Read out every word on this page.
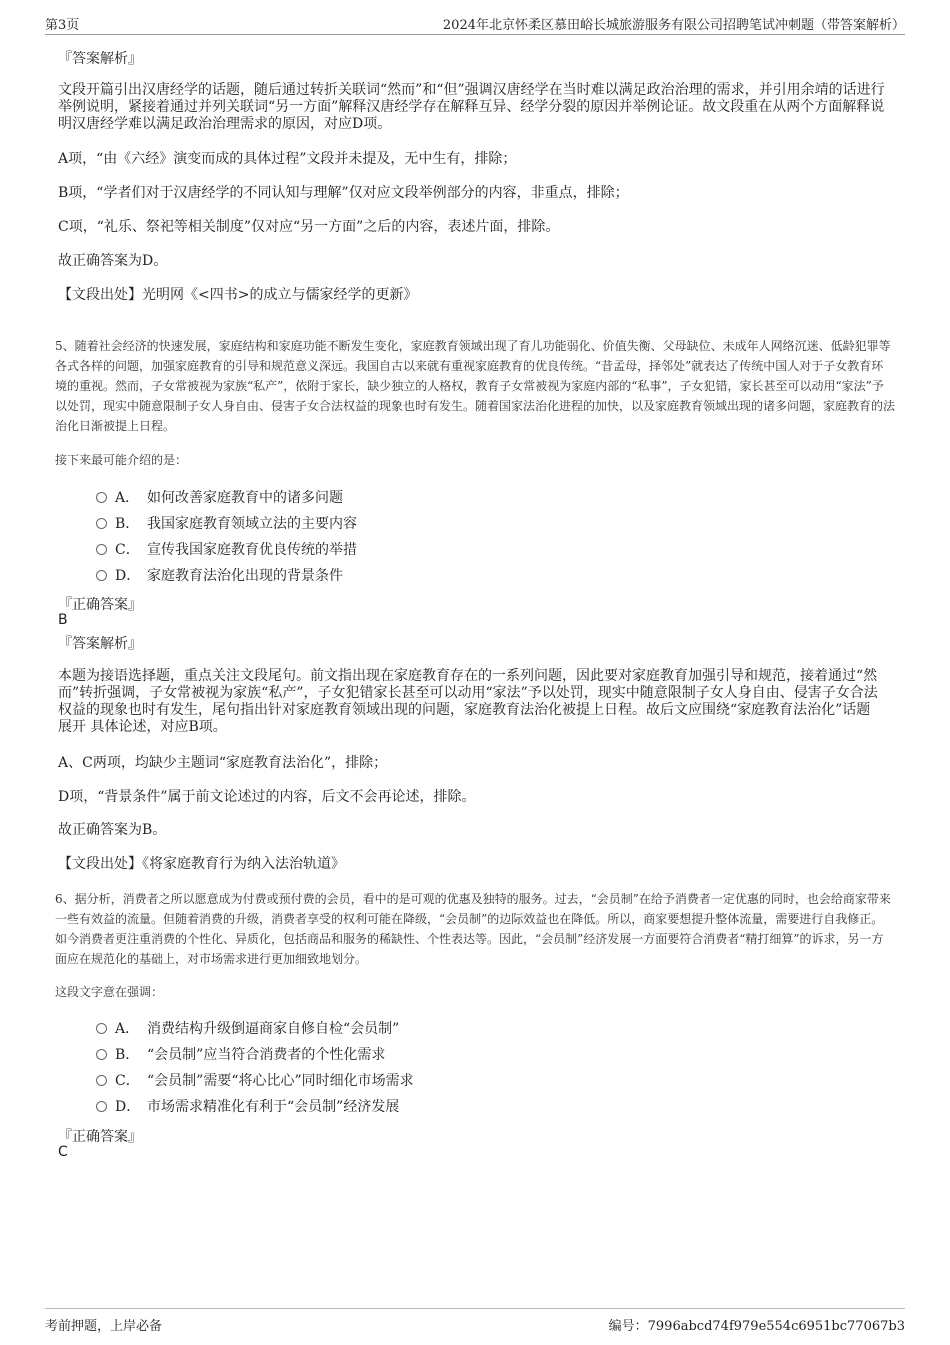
第3页	2024年北京怀柔区慕田峪长城旅游服务有限公司招聘笔试冲刺题（带答案解析）
『答案解析』
文段开篇引出汉唐经学的话题，随后通过转折关联词“然而”和“但”强调汉唐经学在当时难以满足政治治理的需求，并引用余靖的话进行举例说明，紧接着通过并列关联词“另一方面”解释汉唐经学存在解释互异、经学分裂的原因并举例论证。故文段重在从两个方面解释说明汉唐经学难以满足政治治理需求的原因，对应D项。
A项，“由《六经》演变而成的具体过程”文段并未提及，无中生有，排除；
B项，“学者们对于汉唐经学的不同认知与理解”仅对应文段举例部分的内容，非重点，排除；
C项，“礼乐、祭祀等相关制度”仅对应“另一方面”之后的内容，表述片面，排除。
故正确答案为D。
【文段出处】光明网《<四书>的成立与儒家经学的更新》
5、随着社会经济的快速发展，家庭结构和家庭功能不断发生变化，家庭教育领域出现了育儿功能弱化、价值失衡、父母缺位、未成年人网络沉迷、低龄犯罪等各式各样的问题，加强家庭教育的引导和规范意义深远。我国自古以来就有重视家庭教育的优良传统。“昔孟母，择邻处”就表达了传统中国人对于子女教育环境的重视。然而，子女常被视为家族“私产”，依附于家长，缺少独立的人格权，教育子女常被视为家庭内部的“私事”，子女犯错，家长甚至可以动用“家法”予以处罚，现实中随意限制子女人身自由、侵害子女合法权益的现象也时有发生。随着国家法治化进程的加快，以及家庭教育领域出现的诸多问题，家庭教育的法治化日渐被提上日程。
接下来最可能介绍的是：
A． 如何改善家庭教育中的诸多问题
B． 我国家庭教育领域立法的主要内容
C． 宣传我国家庭教育优良传统的举措
D． 家庭教育法治化出现的背景条件
『正确答案』
B
『答案解析』
本题为接语选择题，重点关注文段尾句。前文指出现在家庭教育存在的一系列问题，因此要对家庭教育加强引导和规范，接着通过“然而”转折强调，子女常被视为家族“私产”，子女犯错家长甚至可以动用“家法”予以处罚，现实中随意限制子女人身自由、侵害子女合法权益的现象也时有发生，尾句指出针对家庭教育领域出现的问题，家庭教育法治化被提上日程。故后文应围绕“家庭教育法治化”话题 展开 具体论述，对应B项。
A、C两项，均缺少主题词“家庭教育法治化”，排除；
D项，“背景条件”属于前文论述过的内容，后文不会再论述，排除。
故正确答案为B。
【文段出处】《将家庭教育行为纳入法治轨道》
6、据分析，消费者之所以愿意成为付费或预付费的会员，看中的是可观的优惠及独特的服务。过去，“会员制”在给予消费者一定优惠的同时，也会给商家带来一些有效益的流量。但随着消费的升级，消费者享受的权利可能在降级，“会员制”的边际效益也在降低。所以，商家要想提升整体流量，需要进行自我修正。如今消费者更注重消费的个性化、异质化，包括商品和服务的稀缺性、个性表达等。因此，“会员制”经济发展一方面要符合消费者“精打细算”的诉求，另一方面应在规范化的基础上，对市场需求进行更加细致地划分。
这段文字意在强调：
A． 消费结构升级倒逼商家自修自检“会员制”
B． “会员制”应当符合消费者的个性化需求
C． “会员制”需要“将心比心”同时细化市场需求
D． 市场需求精准化有利于“会员制”经济发展
『正确答案』
C
考前押题，上岸必备	编号：7996abcd74f979e554c6951bc77067b3
